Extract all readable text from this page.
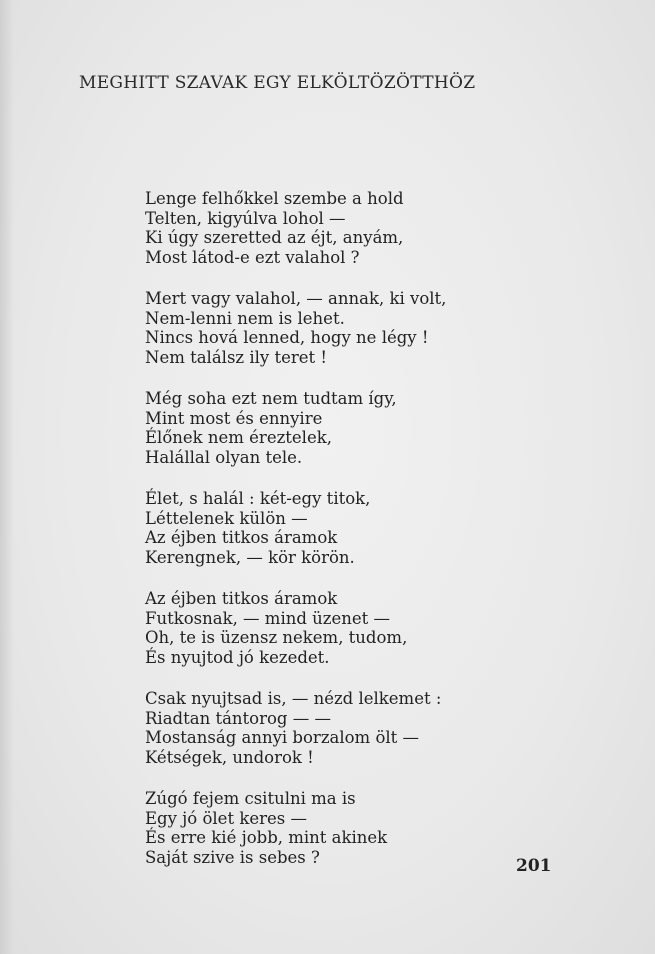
MEGHITT SZAVAK EGY ELKÖLTÖZÖTTHÖZ
Lenge felhőkkel szembe a hold
Telten, kigyúlva lohol —
Ki úgy szeretted az éjt, anyám,
Most látod-e ezt valahol ?
Mert vagy valahol, — annak, ki volt,
Nem-lenni nem is lehet.
Nincs hová lenned, hogy ne légy !
Nem találsz ily teret !
Még soha ezt nem tudtam így,
Mint most és ennyire
Élőnek nem éreztelek,
Halállal olyan tele.
Élet, s halál : két-egy titok,
Léttelenek külön —
Az éjben titkos áramok
Kerengnek, — kör körön.
Az éjben titkos áramok
Futkosnak, — mind üzenet —
Oh, te is üzensz nekem, tudom,
És nyujtod jó kezedet.
Csak nyujtsad is, — nézd lelkemet :
Riadtan tántorog — —
Mostanság annyi borzalom ölt —
Kétségek, undorok !
Zúgó fejem csitulni ma is
Egy jó ölet keres —
És erre kié jobb, mint akinek
Saját szive is sebes ?	201
